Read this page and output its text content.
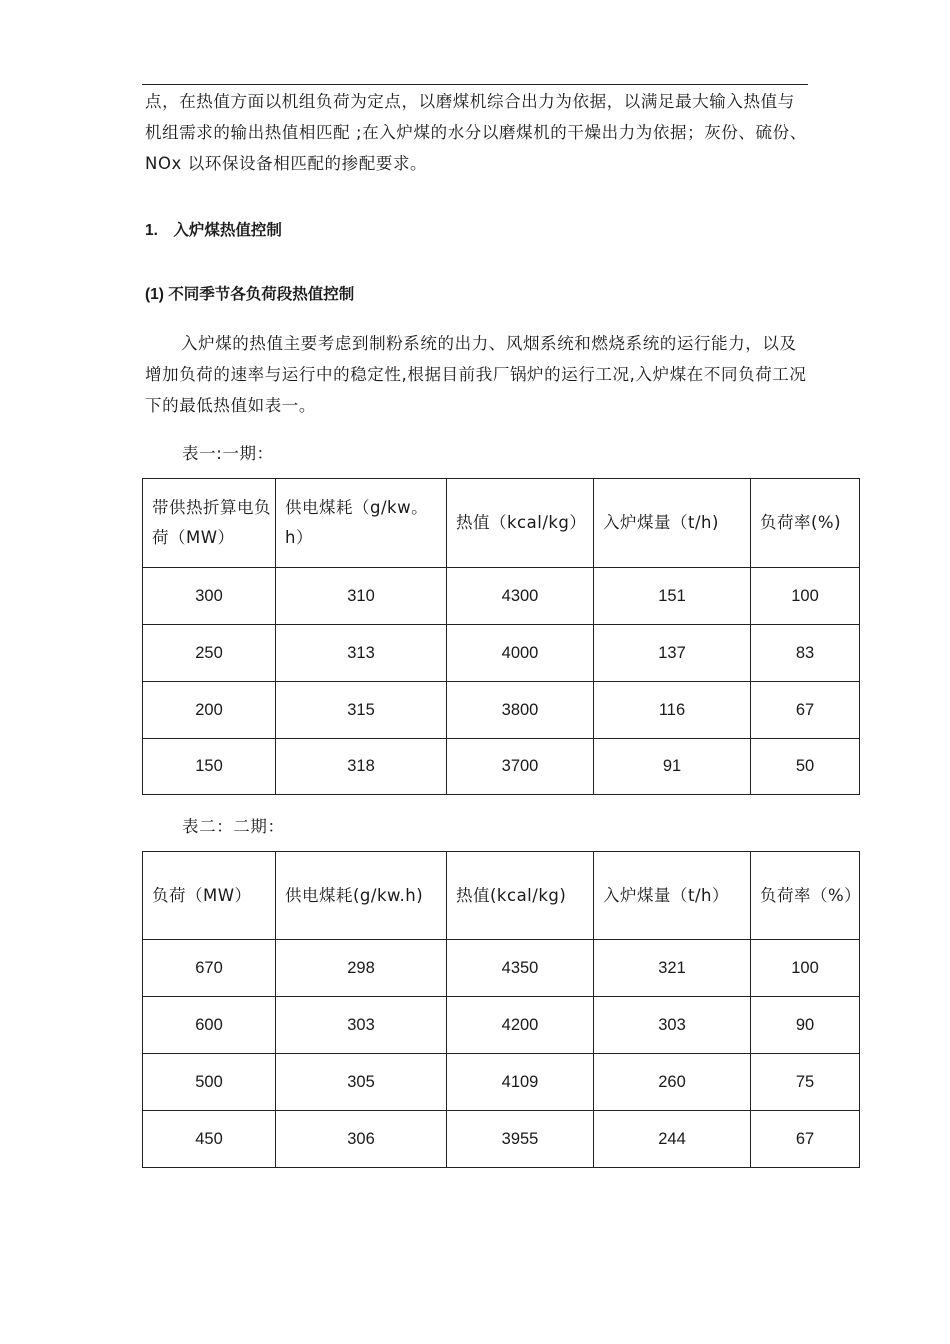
点，在热值方面以机组负荷为定点，以磨煤机综合出力为依据，以满足最大输入热值与机组需求的输出热值相匹配 ;在入炉煤的水分以磨煤机的干燥出力为依据；灰份、硫份、NOx 以环保设备相匹配的掺配要求。

1.　入炉煤热值控制
(1) 不同季节各负荷段热值控制

入炉煤的热值主要考虑到制粉系统的出力、风烟系统和燃烧系统的运行能力，以及增加负荷的速率与运行中的稳定性,根据目前我厂锅炉的运行工况,入炉煤在不同负荷工况下的最低热值如表一。

表一:一期：
带供热折算电负荷（MW）	供电煤耗（g/kw。h）	热值（kcal/kg）	入炉煤量（t/h)	负荷率(%)
300	310	4300	151	100
250	313	4000	137	83
200	315	3800	116	67
150	318	3700	91	50
表二：二期：
负荷（MW）	供电煤耗(g/kw.h)	热值(kcal/kg)	入炉煤量（t/h）	负荷率（%）
670	298	4350	321	100
600	303	4200	303	90
500	305	4109	260	75
450	306	3955	244	67
